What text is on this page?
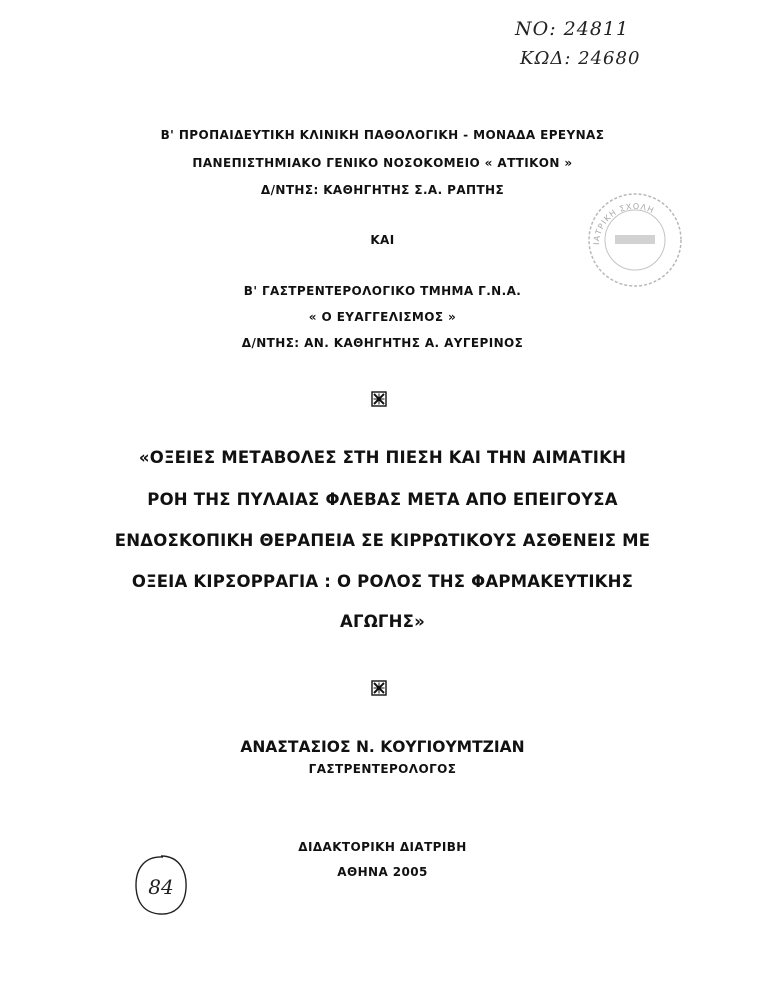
ΝΟ: 24811
ΚΩΔ: 24680
Β' ΠΡΟΠΑΙΔΕΥΤΙΚΗ ΚΛΙΝΙΚΗ ΠΑΘΟΛΟΓΙΚΗ - ΜΟΝΑΔΑ ΕΡΕΥΝΑΣ
ΠΑΝΕΠΙΣΤΗΜΙΑΚΟ ΓΕΝΙΚΟ ΝΟΣΟΚΟΜΕΙΟ « ΑΤΤΙΚΟΝ »
Δ/ΝΤΗΣ: ΚΑΘΗΓΗΤΗΣ Σ.Α. ΡΑΠΤΗΣ
ΚΑΙ
Β' ΓΑΣΤΡΕΝΤΕΡΟΛΟΓΙΚΟ ΤΜΗΜΑ Γ.Ν.Α.
« Ο ΕΥΑΓΓΕΛΙΣΜΟΣ »
Δ/ΝΤΗΣ: ΑΝ. ΚΑΘΗΓΗΤΗΣ Α. ΑΥΓΕΡΙΝΟΣ
«ΟΞΕΙΕΣ ΜΕΤΑΒΟΛΕΣ ΣΤΗ ΠΙΕΣΗ ΚΑΙ ΤΗΝ ΑΙΜΑΤΙΚΗ
ΡΟΗ ΤΗΣ ΠΥΛΑΙΑΣ ΦΛΕΒΑΣ ΜΕΤΑ ΑΠΟ ΕΠΕΙΓΟΥΣΑ
ΕΝΔΟΣΚΟΠΙΚΗ ΘΕΡΑΠΕΙΑ ΣΕ ΚΙΡΡΩΤΙΚΟΥΣ ΑΣΘΕΝΕΙΣ ΜΕ
ΟΞΕΙΑ ΚΙΡΣΟΡΡΑΓΙΑ : Ο ΡΟΛΟΣ ΤΗΣ ΦΑΡΜΑΚΕΥΤΙΚΗΣ
ΑΓΩΓΗΣ»
ΑΝΑΣΤΑΣΙΟΣ Ν. ΚΟΥΓΙΟΥΜΤΖΙΑΝ
ΓΑΣΤΡΕΝΤΕΡΟΛΟΓΟΣ
ΔΙΔΑΚΤΟΡΙΚΗ ΔΙΑΤΡΙΒΗ
ΑΘΗΝΑ 2005
ΙΑΤΡΙΚΗ ΣΧΟΛΗ
84
